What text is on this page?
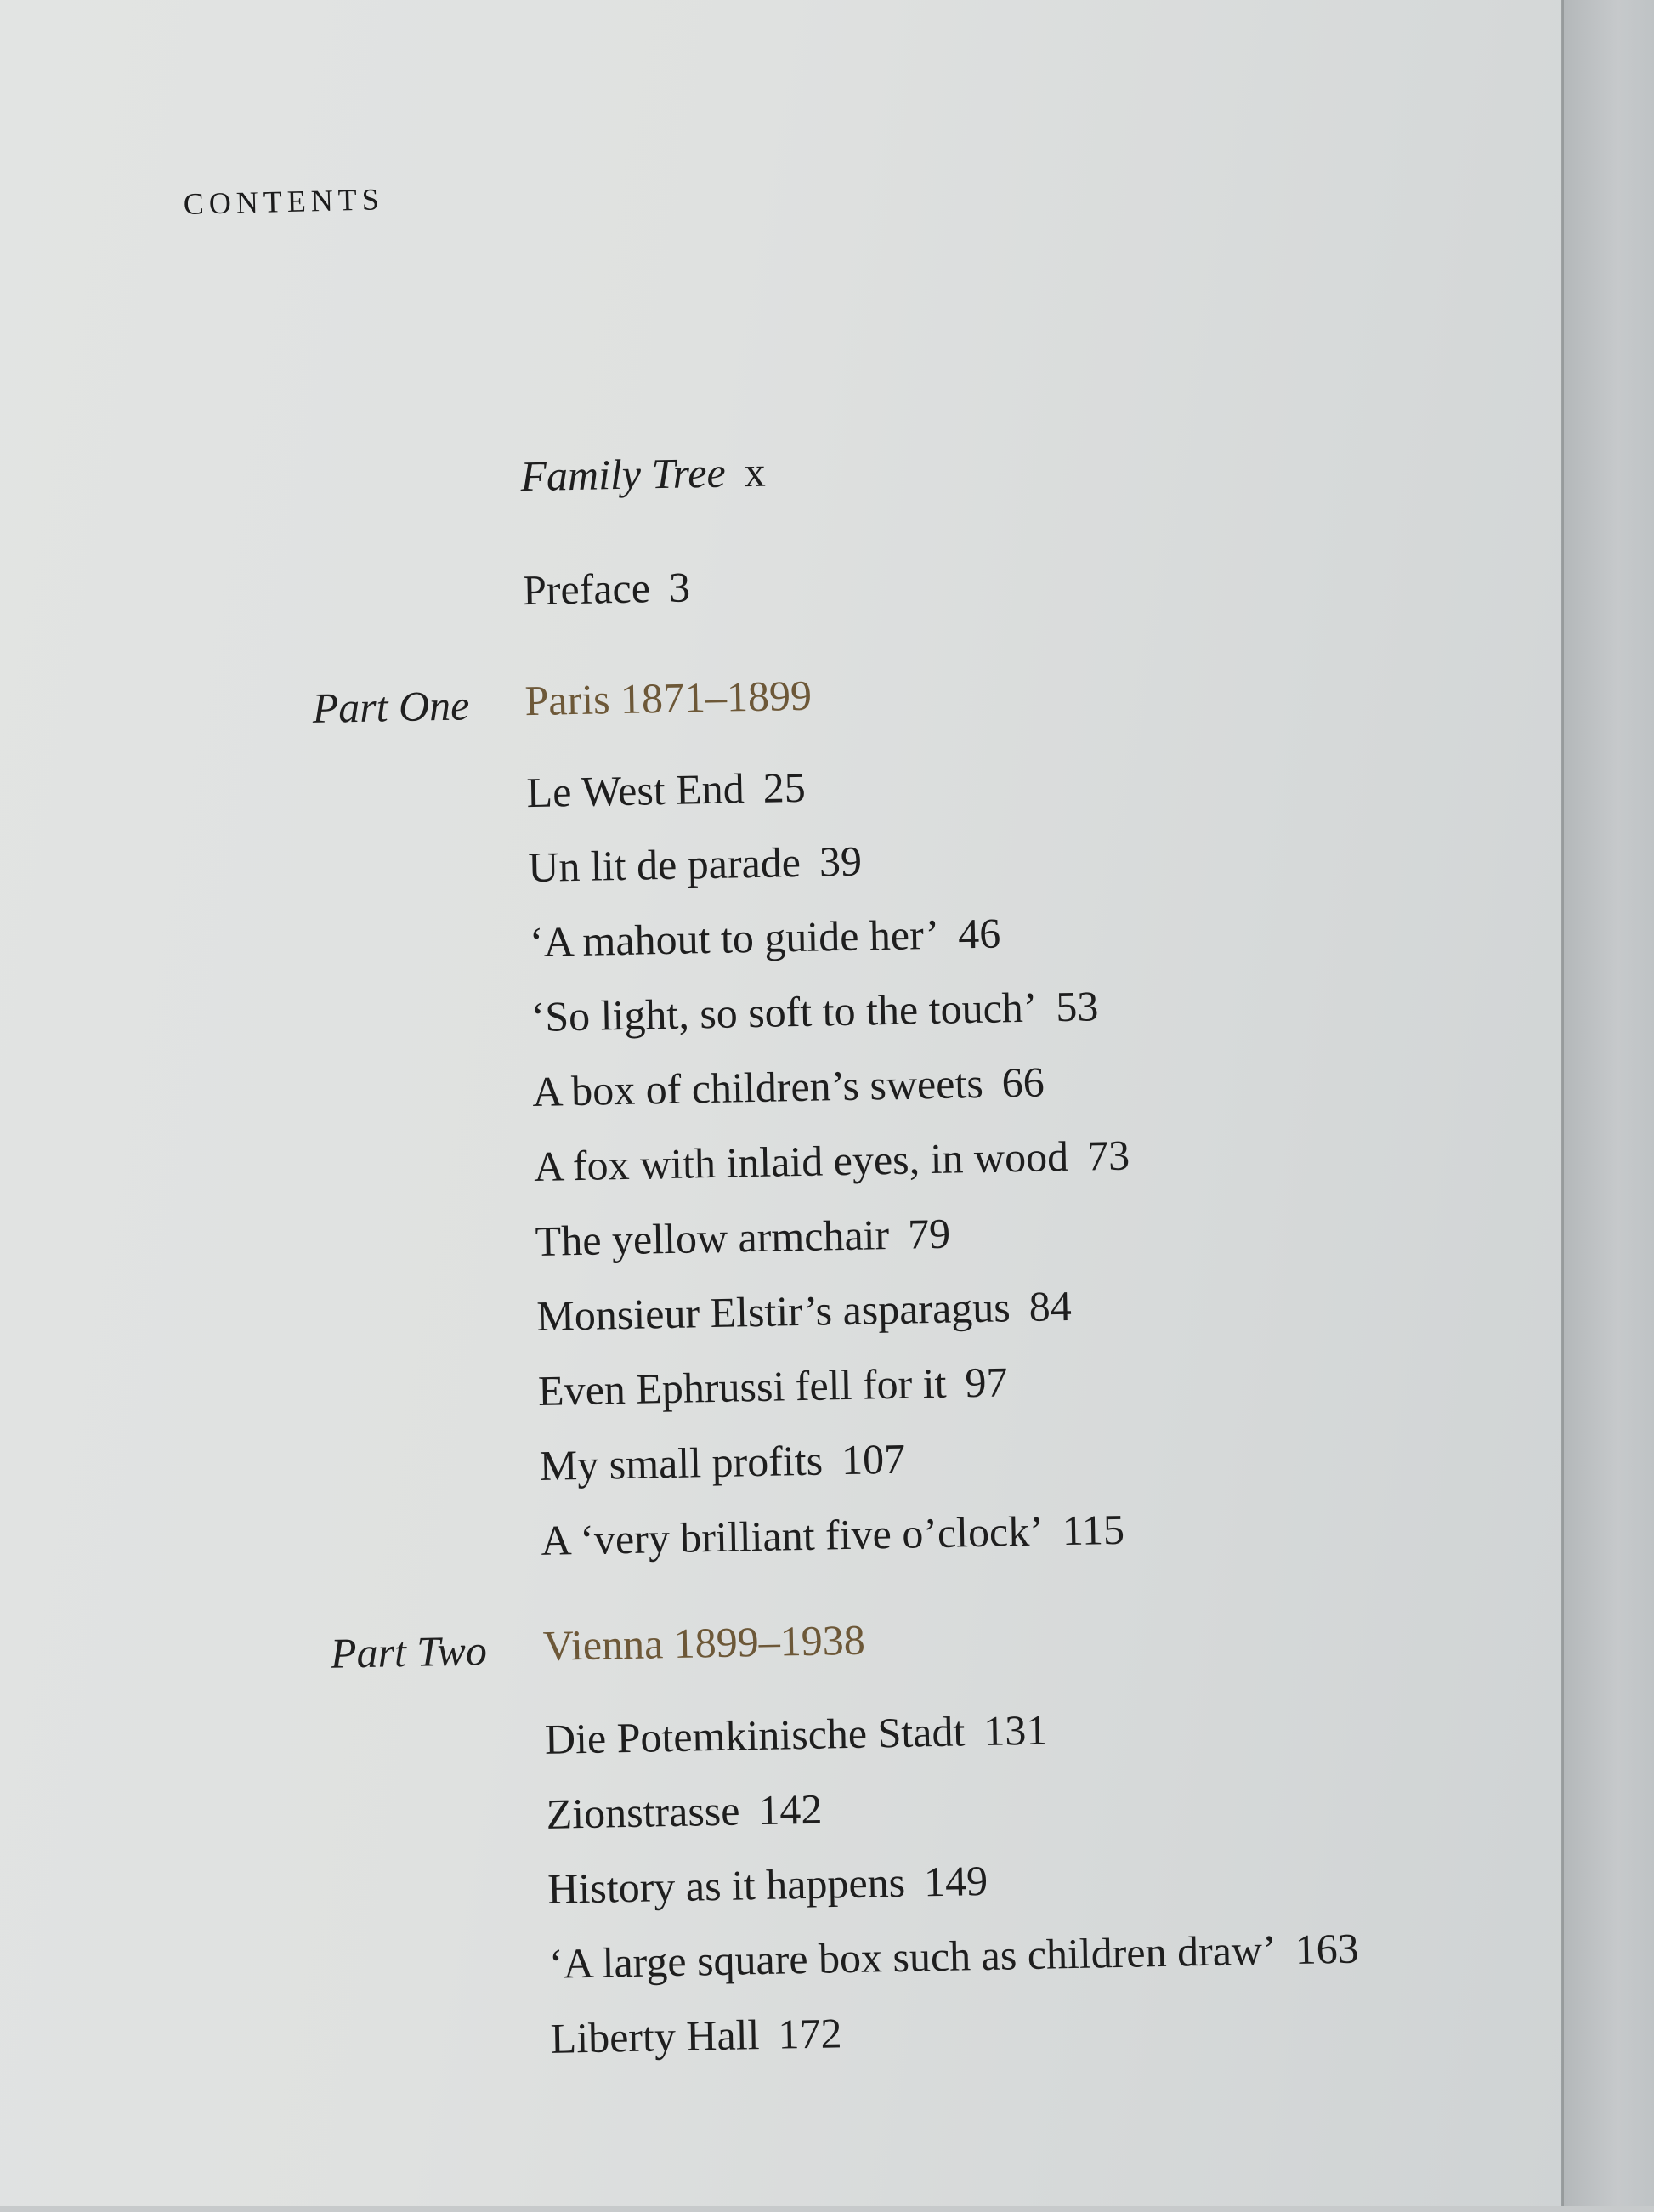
contents
Family Tree x
Preface 3
Part One Paris 1871–1899
Le West End 25
Un lit de parade 39
‘A mahout to guide her’ 46
‘So light, so soft to the touch’ 53
A box of children’s sweets 66
A fox with inlaid eyes, in wood 73
The yellow armchair 79
Monsieur Elstir’s asparagus 84
Even Ephrussi fell for it 97
My small profits 107
A ‘very brilliant five o’clock’ 115
Part Two Vienna 1899–1938
Die Potemkinische Stadt 131
Zionstrasse 142
History as it happens 149
‘A large square box such as children draw’ 163
Liberty Hall 172
